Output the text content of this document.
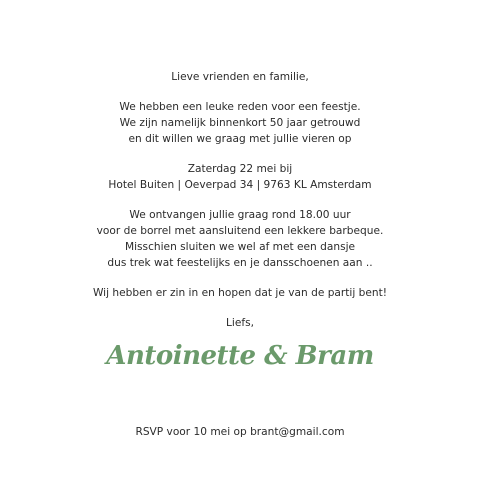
Lieve vrienden en familie,
We hebben een leuke reden voor een feestje.
We zijn namelijk binnenkort 50 jaar getrouwd
en dit willen we graag met jullie vieren op
Zaterdag 22 mei bij
Hotel Buiten | Oeverpad 34 | 9763 KL Amsterdam
We ontvangen jullie graag rond 18.00 uur
voor de borrel met aansluitend een lekkere barbeque.
Misschien sluiten we wel af met een dansje
dus trek wat feestelijks en je dansschoenen aan ..
Wij hebben er zin in en hopen dat je van de partij bent!
Liefs,
Antoinette & Bram
RSVP voor 10 mei op brant@gmail.com
